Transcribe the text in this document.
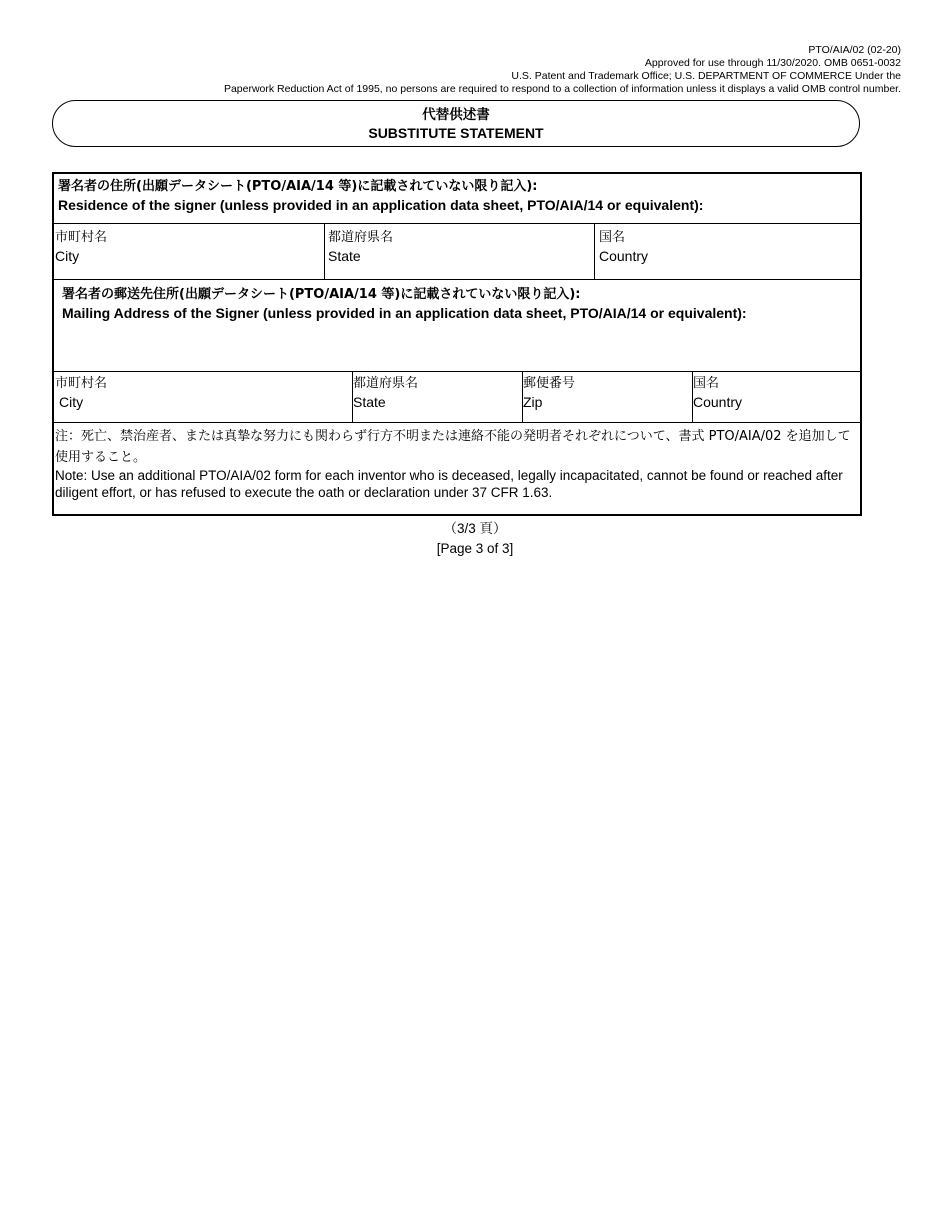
PTO/AIA/02 (02-20)
Approved for use through 11/30/2020. OMB 0651-0032
U.S. Patent and Trademark Office; U.S. DEPARTMENT OF COMMERCE Under the
Paperwork Reduction Act of 1995, no persons are required to respond to a collection of information unless it displays a valid OMB control number.
代替供述書
SUBSTITUTE STATEMENT
署名者の住所(出願データシート(PTO/AIA/14 等)に記載されていない限り記入):
Residence of the signer (unless provided in an application data sheet, PTO/AIA/14 or equivalent):
市町村名
City
都道府県名
State
国名
Country
署名者の郵送先住所(出願データシート(PTO/AIA/14 等)に記載されていない限り記入):
Mailing Address of the Signer (unless provided in an application data sheet, PTO/AIA/14 or equivalent):
市町村名
City
都道府県名
State
郵便番号
Zip
国名
Country
注：死亡、禁治産者、または真摯な努力にも関わらず行方不明または連絡不能の発明者それぞれについて、書式 PTO/AIA/02 を追加して使用すること。
Note: Use an additional PTO/AIA/02 form for each inventor who is deceased, legally incapacitated, cannot be found or reached after diligent effort, or has refused to execute the oath or declaration under 37 CFR 1.63.
（3/3 頁）
[Page 3 of 3]
